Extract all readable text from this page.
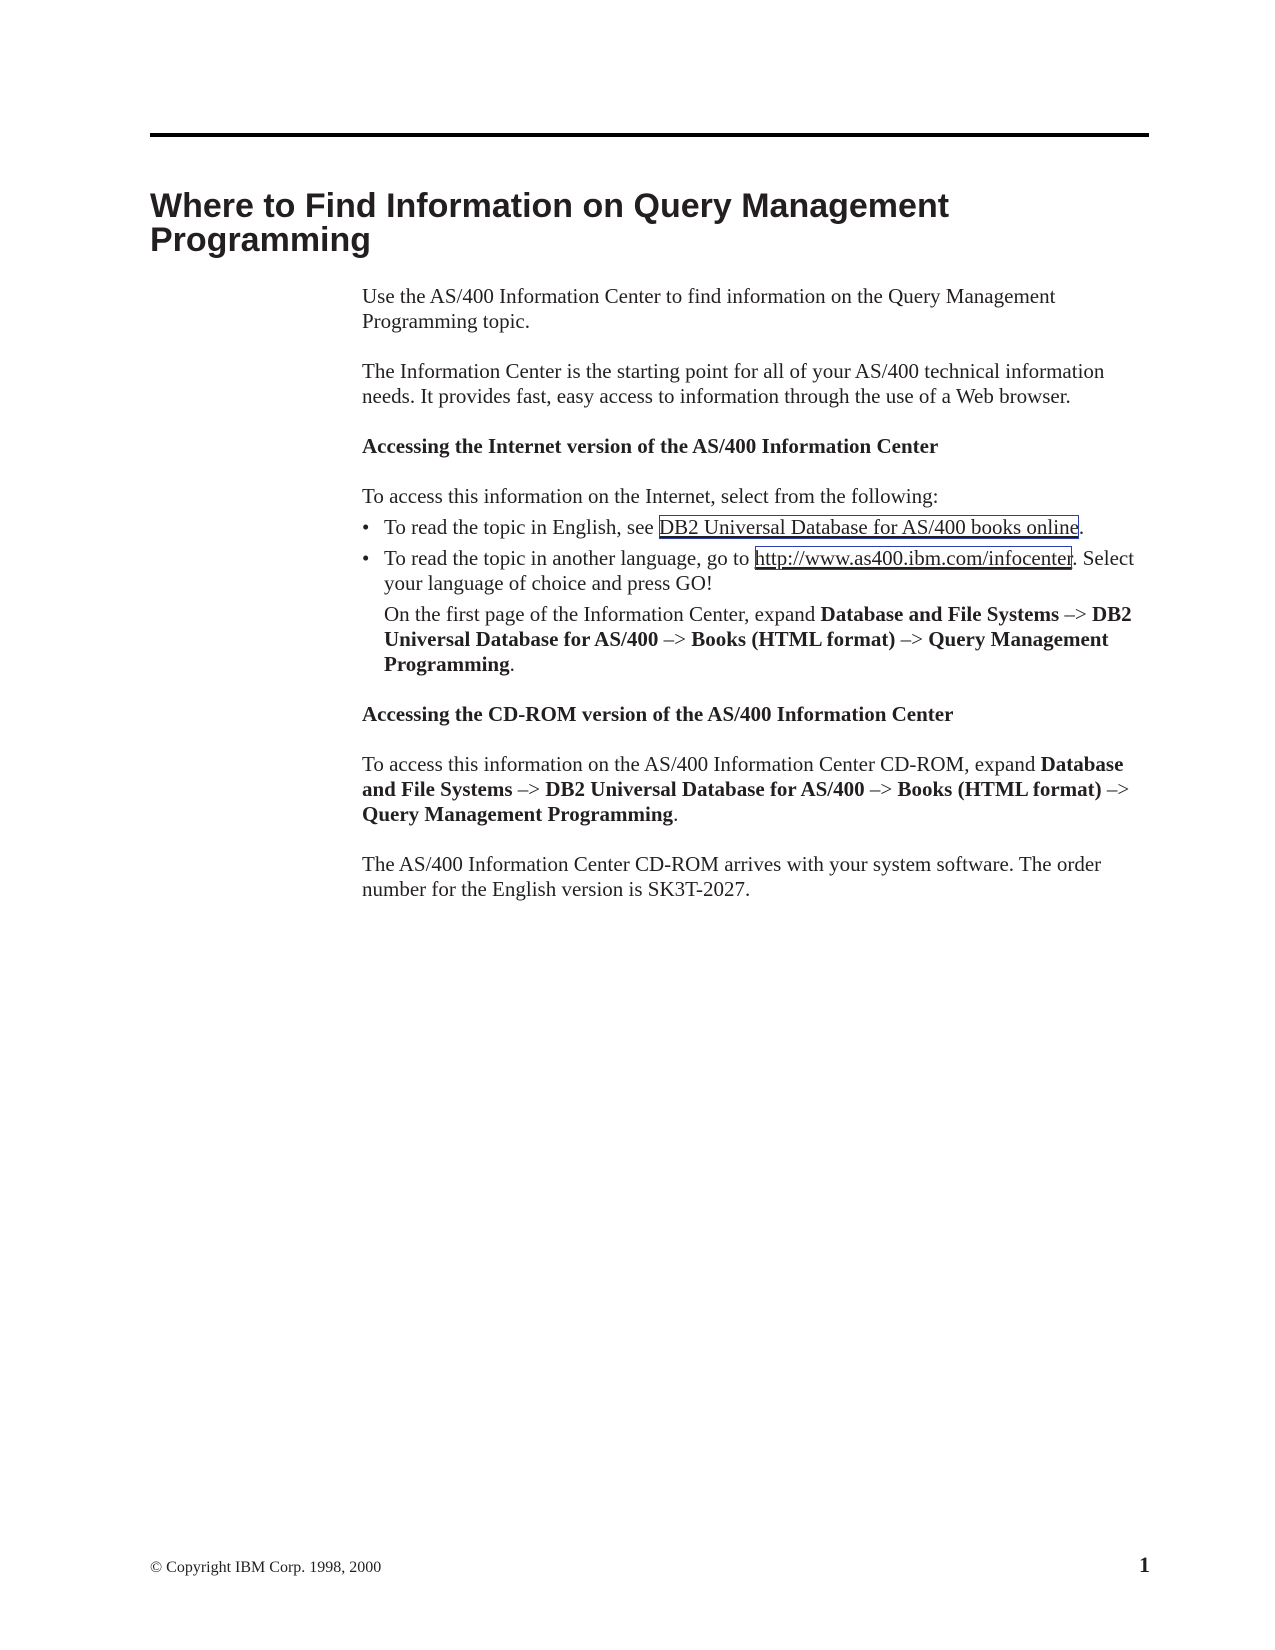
Where to Find Information on Query Management Programming

Use the AS/400 Information Center to find information on the Query Management Programming topic.

The Information Center is the starting point for all of your AS/400 technical information needs. It provides fast, easy access to information through the use of a Web browser.

Accessing the Internet version of the AS/400 Information Center

To access this information on the Internet, select from the following:

• To read the topic in English, see DB2 Universal Database for AS/400 books online.
• To read the topic in another language, go to http://www.as400.ibm.com/infocenter. Select your language of choice and press GO!

On the first page of the Information Center, expand Database and File Systems –> DB2 Universal Database for AS/400 –> Books (HTML format) –> Query Management Programming.

Accessing the CD-ROM version of the AS/400 Information Center

To access this information on the AS/400 Information Center CD-ROM, expand Database and File Systems –> DB2 Universal Database for AS/400 –> Books (HTML format) –> Query Management Programming.

The AS/400 Information Center CD-ROM arrives with your system software. The order number for the English version is SK3T-2027.

© Copyright IBM Corp. 1998, 2000	1
